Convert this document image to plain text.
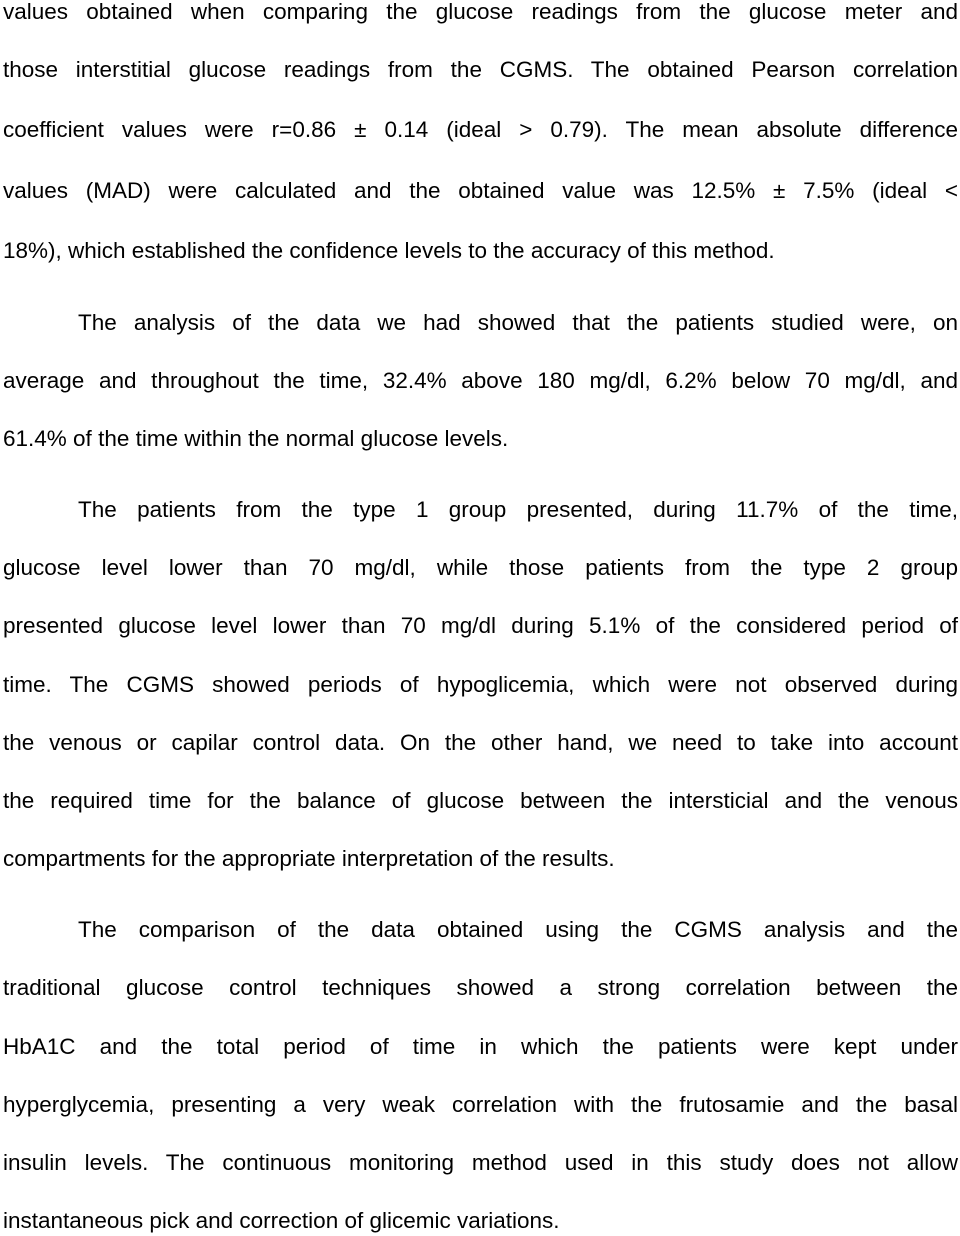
values obtained when comparing the glucose readings from the glucose meter and
those interstitial glucose readings from the CGMS. The obtained Pearson correlation
coefficient values were r=0.86 ± 0.14 (ideal > 0.79). The mean absolute difference
values (MAD) were calculated and the obtained value was 12.5% ± 7.5% (ideal <
18%), which established the confidence levels to the accuracy of this method.
The analysis of the data we had showed that the patients studied were, on
average and throughout the time, 32.4% above 180 mg/dl, 6.2% below 70 mg/dl, and
61.4% of the time within the normal glucose levels.
The patients from the type 1 group presented, during 11.7% of the time,
glucose level lower than 70 mg/dl, while those patients from the type 2 group
presented glucose level lower than 70 mg/dl during 5.1% of the considered period of
time. The CGMS showed periods of hypoglicemia, which were not observed during
the venous or capilar control data. On the other hand, we need to take into account
the required time for the balance of glucose between the intersticial and the venous
compartments for the appropriate interpretation of the results.
The comparison of the data obtained using the CGMS analysis and the
traditional glucose control techniques showed a strong correlation between the
HbA1C and the total period of time in which the patients were kept under
hyperglycemia, presenting a very weak correlation with the frutosamie and the basal
insulin levels. The continuous monitoring method used in this study does not allow
instantaneous pick and correction of glicemic variations.
